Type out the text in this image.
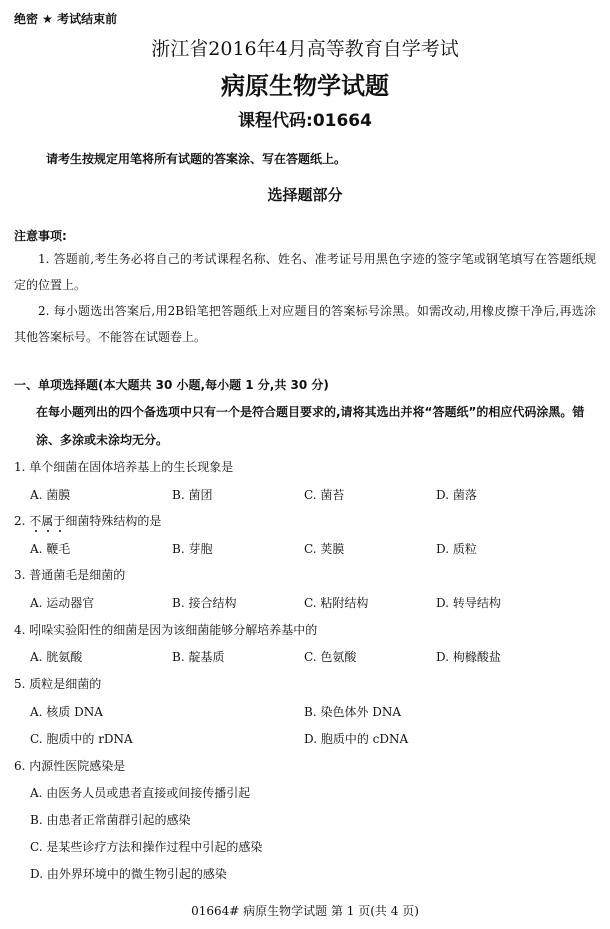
绝密 ★ 考试结束前
浙江省2016年4月高等教育自学考试
病原生物学试题
课程代码:01664
请考生按规定用笔将所有试题的答案涂、写在答题纸上。
选择题部分
注意事项:
1. 答题前,考生务必将自己的考试课程名称、姓名、准考证号用黑色字迹的签字笔或钢笔填写在答题纸规定的位置上。
2. 每小题选出答案后,用2B铅笔把答题纸上对应题目的答案标号涂黑。如需改动,用橡皮擦干净后,再选涂其他答案标号。不能答在试题卷上。
一、单项选择题(本大题共 30 小题,每小题 1 分,共 30 分)
在每小题列出的四个备选项中只有一个是符合题目要求的,请将其选出并将“答题纸”的相应代码涂黑。错涂、多涂或未涂均无分。
1. 单个细菌在固体培养基上的生长现象是
A. 菌膜	B. 菌团	C. 菌苔	D. 菌落
2. 不属于细菌特殊结构的是
A. 鞭毛	B. 芽胞	C. 荚膜	D. 质粒
3. 普通菌毛是细菌的
A. 运动器官	B. 接合结构	C. 粘附结构	D. 转导结构
4. 吲哚实验阳性的细菌是因为该细菌能够分解培养基中的
A. 胱氨酸	B. 靛基质	C. 色氨酸	D. 枸橼酸盐
5. 质粒是细菌的
A. 核质 DNA	B. 染色体外 DNA
C. 胞质中的 rDNA	D. 胞质中的 cDNA
6. 内源性医院感染是
A. 由医务人员或患者直接或间接传播引起
B. 由患者正常菌群引起的感染
C. 是某些诊疗方法和操作过程中引起的感染
D. 由外界环境中的微生物引起的感染
01664# 病原生物学试题 第 1 页(共 4 页)
